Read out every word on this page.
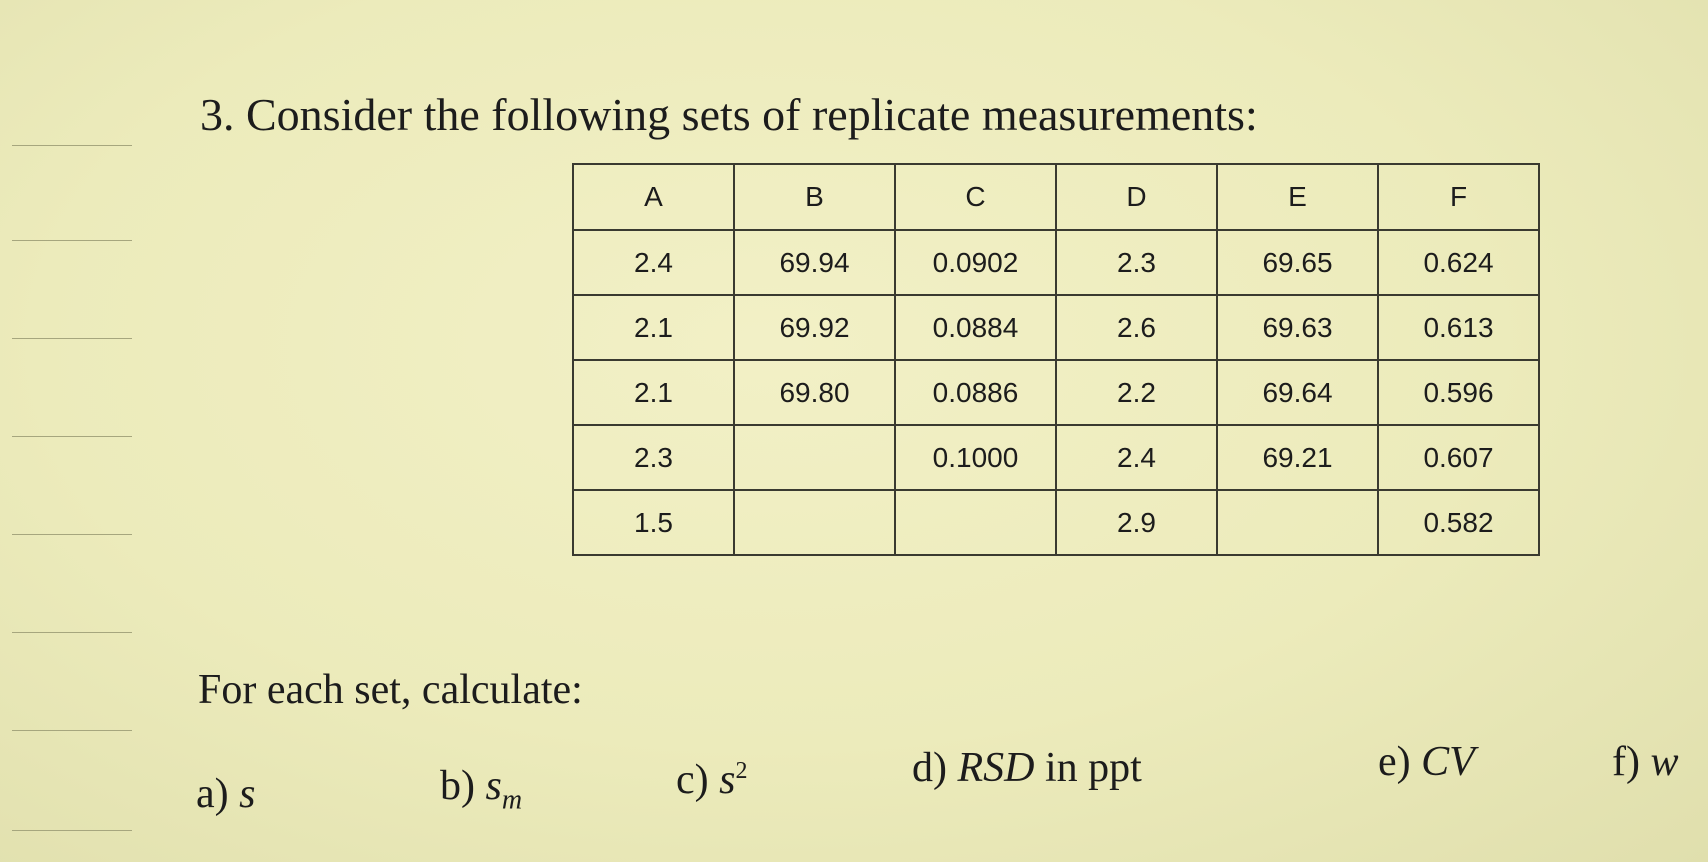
3. Consider the following sets of replicate measurements:
A	B	C	D	E	F
2.4	69.94	0.0902	2.3	69.65	0.624
2.1	69.92	0.0884	2.6	69.63	0.613
2.1	69.80	0.0886	2.2	69.64	0.596
2.3		0.1000	2.4	69.21	0.607
1.5			2.9		0.582
For each set, calculate:
a) s	b) $s_m$	c) $s^2$	d) RSD in ppt	e) CV	f) w
